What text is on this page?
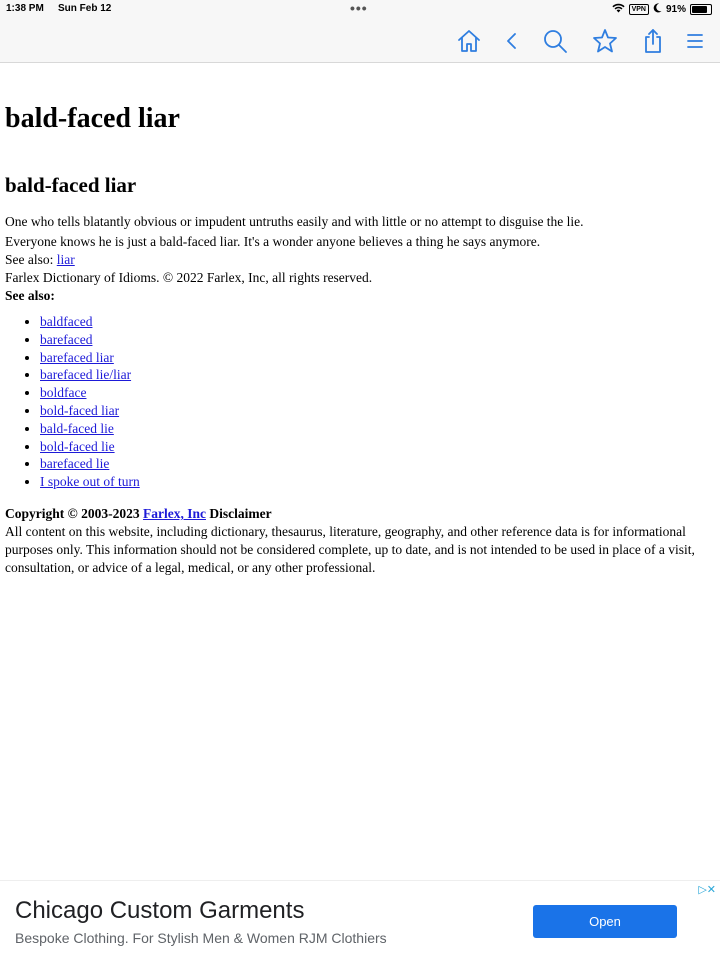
1:38 PM Sun Feb 12	•••	VPN	91%
bald-faced liar
bald-faced liar
One who tells blatantly obvious or impudent untruths easily and with little or no attempt to disguise the lie.
Everyone knows he is just a bald-faced liar. It's a wonder anyone believes a thing he says anymore.
See also: liar
Farlex Dictionary of Idioms. © 2022 Farlex, Inc, all rights reserved.
See also:
• baldfaced
• barefaced
• barefaced liar
• barefaced lie/liar
• boldface
• bold-faced liar
• bald-faced lie
• bold-faced lie
• barefaced lie
• I spoke out of turn
Copyright © 2003-2023 Farlex, Inc Disclaimer
All content on this website, including dictionary, thesaurus, literature, geography, and other reference data is for informational purposes only. This information should not be considered complete, up to date, and is not intended to be used in place of a visit, consultation, or advice of a legal, medical, or any other professional.
▷✕
Chicago Custom Garments
Bespoke Clothing. For Stylish Men & Women RJM Clothiers
Open
